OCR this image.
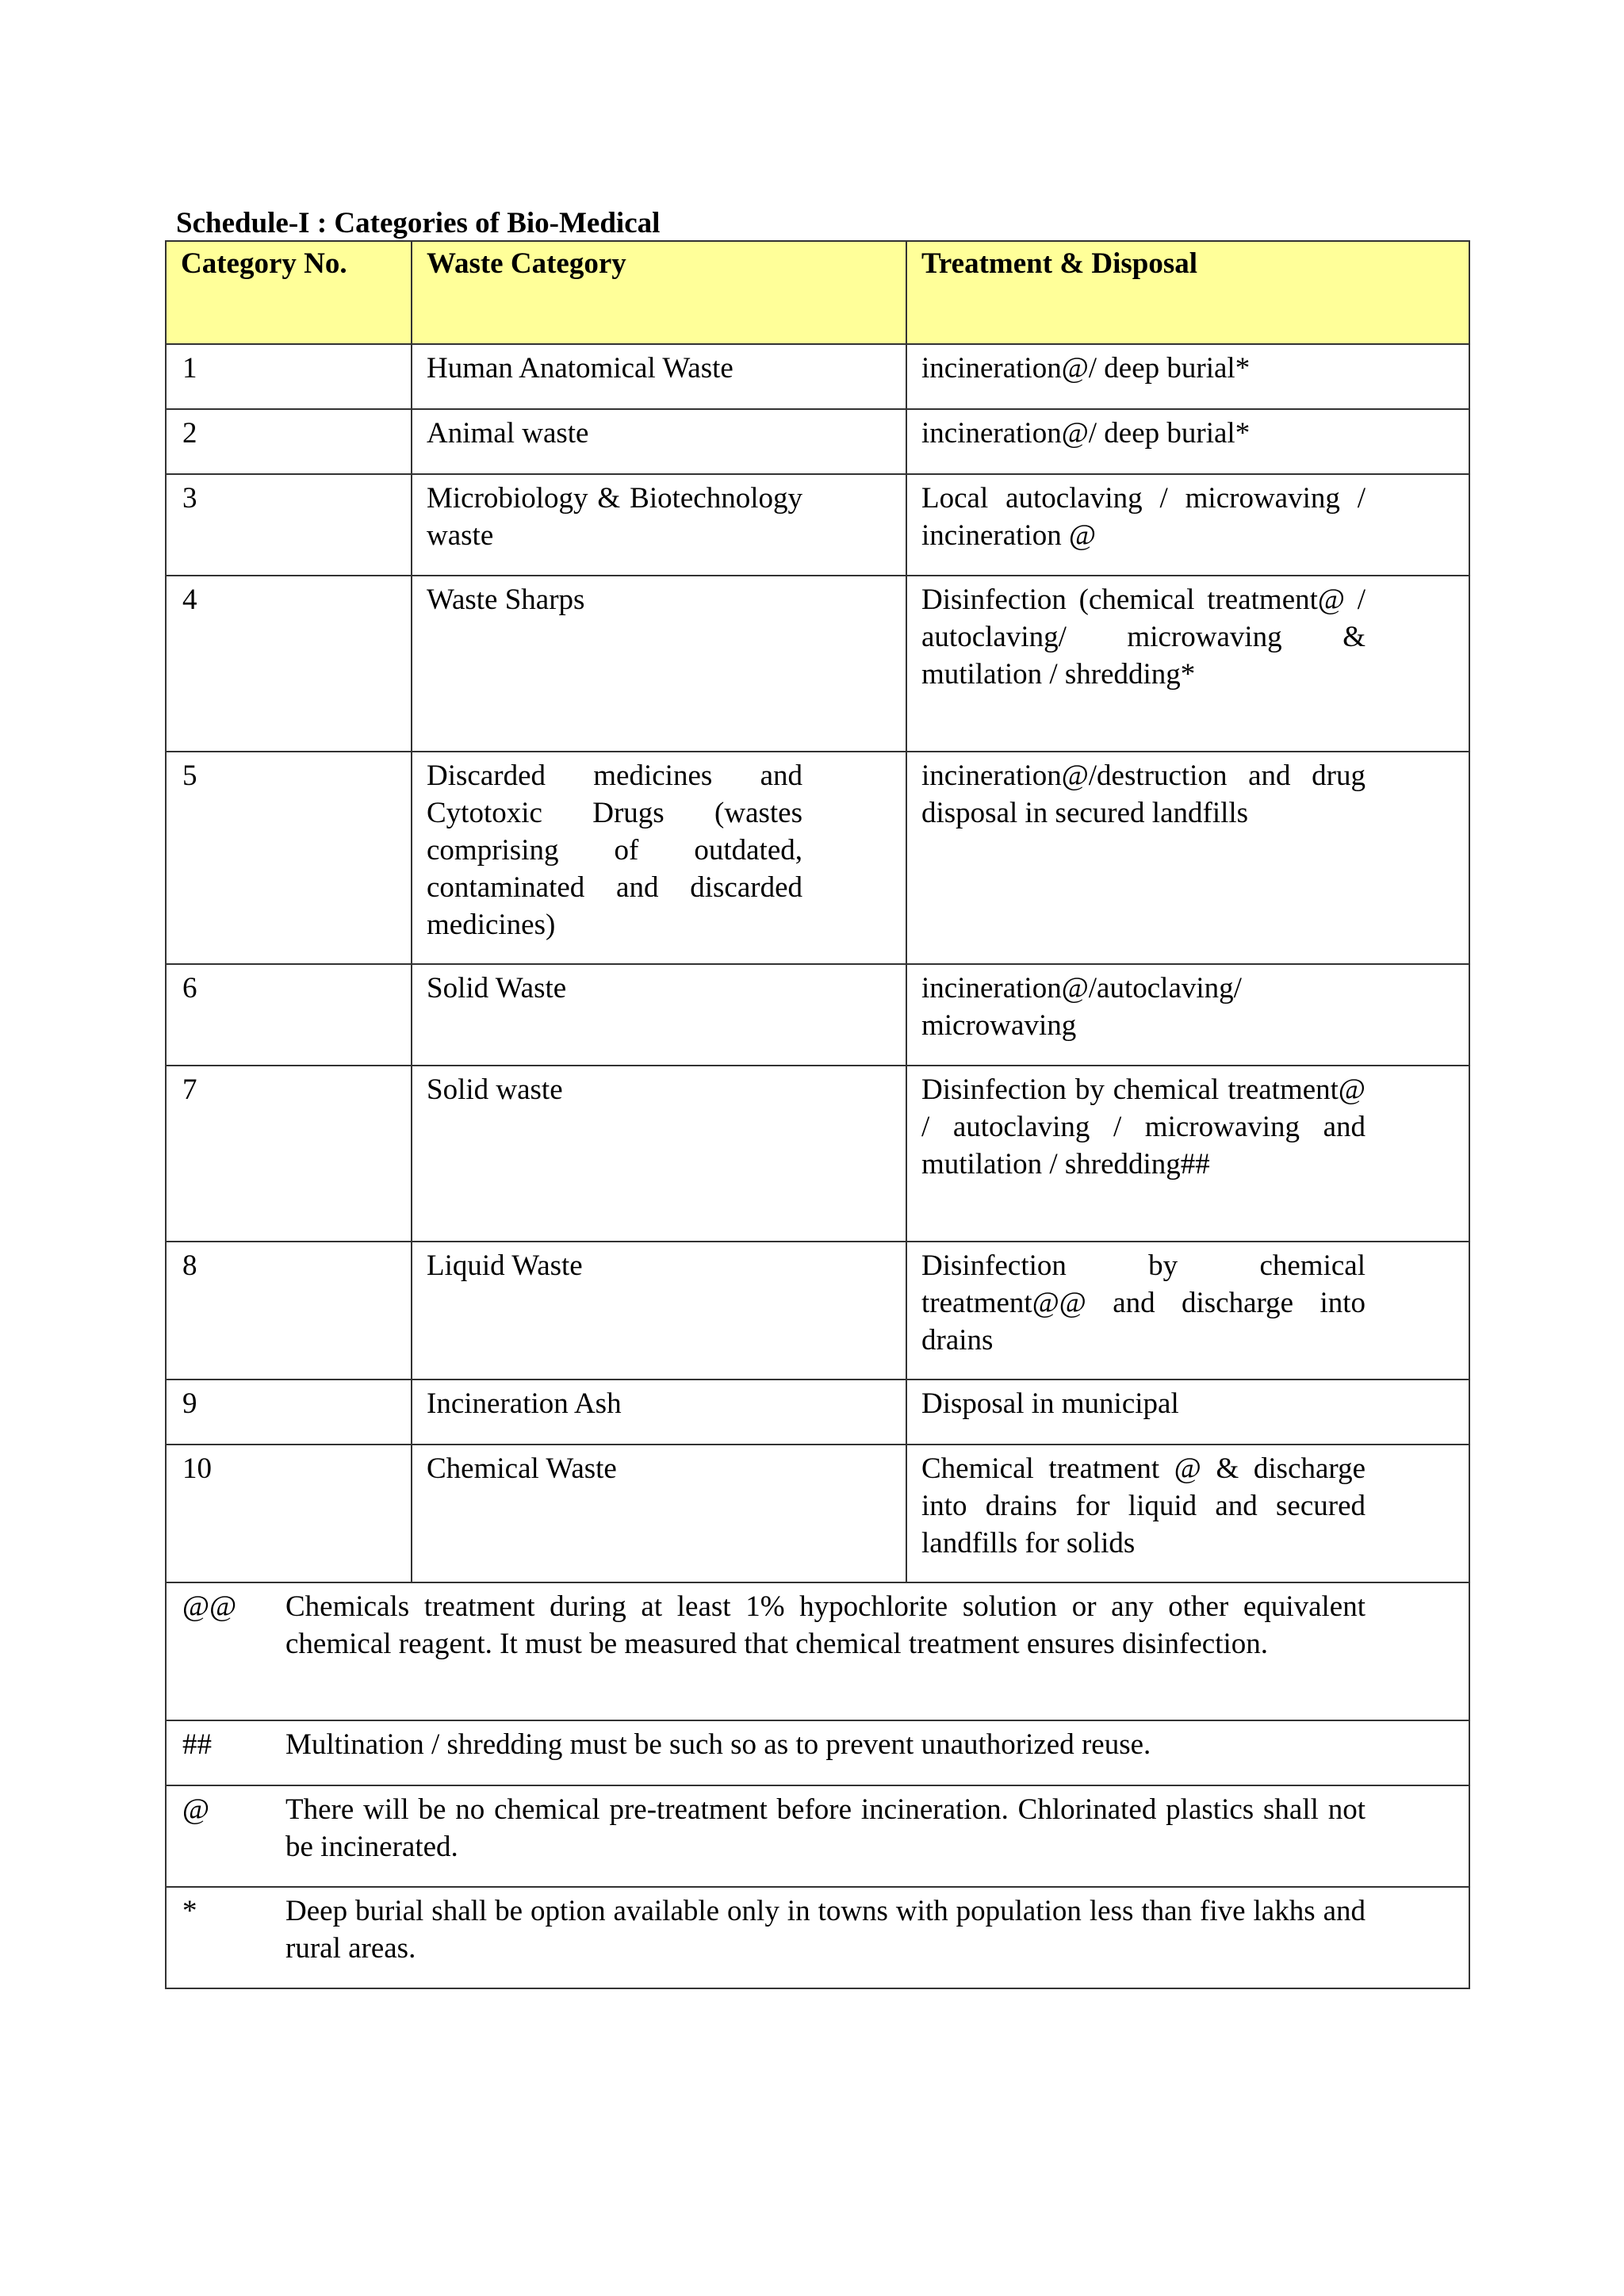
Schedule-I : Categories of Bio-Medical
Category No.	Waste Category	Treatment & Disposal

1	Human Anatomical Waste	incineration@/ deep burial*

2	Animal waste	incineration@/ deep burial*

3	Microbiology & Biotechnology waste	Local autoclaving / microwaving / incineration @

4	Waste Sharps	Disinfection (chemical treatment@ / autoclaving/ microwaving & mutilation / shredding*

5	Discarded medicines and Cytotoxic Drugs (wastes comprising of outdated, contaminated and discarded medicines)	incineration@/destruction and drug disposal in secured landfills

6	Solid Waste	incineration@/autoclaving/ microwaving

7	Solid waste	Disinfection by chemical treatment@ / autoclaving / microwaving and mutilation / shredding##

8	Liquid Waste	Disinfection by chemical treatment@@ and discharge into drains

9	Incineration Ash	Disposal in municipal

10	Chemical Waste	Chemical treatment @ & discharge into drains for liquid and secured landfills for solids

@@ Chemicals treatment during at least 1% hypochlorite solution or any other equivalent chemical reagent. It must be measured that chemical treatment ensures disinfection.		

## Multination / shredding must be such so as to prevent unauthorized reuse.		

@ There will be no chemical pre-treatment before incineration. Chlorinated plastics shall not be incinerated.		

* Deep burial shall be option available only in towns with population less than five lakhs and rural areas.		
